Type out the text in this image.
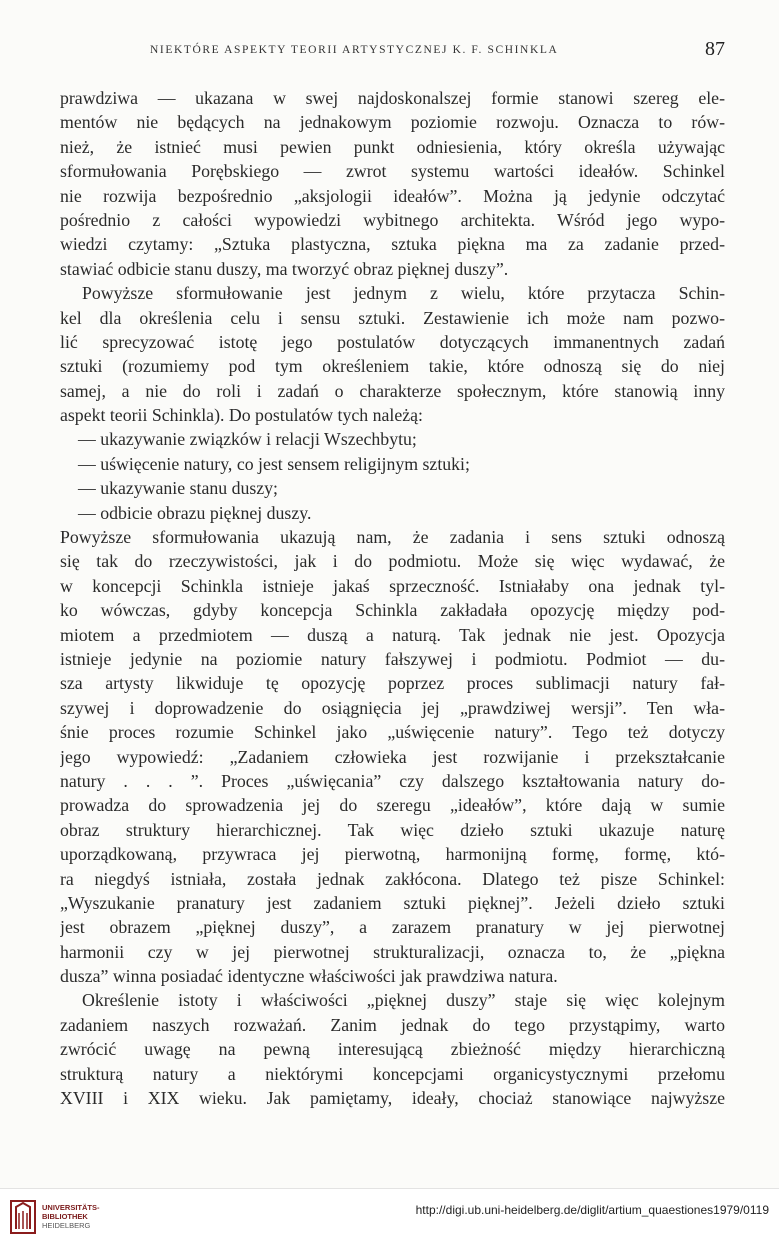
NIEKTÓRE ASPEKTY TEORII ARTYSTYCZNEJ K. F. SCHINKLA	87
prawdziwa — ukazana w swej najdoskonalszej formie stanowi szereg ele-
mentów nie będących na jednakowym poziomie rozwoju. Oznacza to rów-
nież, że istnieć musi pewien punkt odniesienia, który określa używając
sformułowania Porębskiego — zwrot systemu wartości ideałów. Schinkel
nie rozwija bezpośrednio „aksjologii ideałów”. Można ją jedynie odczytać
pośrednio z całości wypowiedzi wybitnego architekta. Wśród jego wypo-
wiedzi czytamy: „Sztuka plastyczna, sztuka piękna ma za zadanie przed-
stawiać odbicie stanu duszy, ma tworzyć obraz pięknej duszy”.
Powyższe sformułowanie jest jednym z wielu, które przytacza Schin-
kel dla określenia celu i sensu sztuki. Zestawienie ich może nam pozwo-
lić sprecyzować istotę jego postulatów dotyczących immanentnych zadań
sztuki (rozumiemy pod tym określeniem takie, które odnoszą się do niej
samej, a nie do roli i zadań o charakterze społecznym, które stanowią inny
aspekt teorii Schinkla). Do postulatów tych należą:
— ukazywanie związków i relacji Wszechbytu;
— uświęcenie natury, co jest sensem religijnym sztuki;
— ukazywanie stanu duszy;
— odbicie obrazu pięknej duszy.
Powyższe sformułowania ukazują nam, że zadania i sens sztuki odnoszą
się tak do rzeczywistości, jak i do podmiotu. Może się więc wydawać, że
w koncepcji Schinkla istnieje jakaś sprzeczność. Istniałaby ona jednak tyl-
ko wówczas, gdyby koncepcja Schinkla zakładała opozycję między pod-
miotem a przedmiotem — duszą a naturą. Tak jednak nie jest. Opozycja
istnieje jedynie na poziomie natury fałszywej i podmiotu. Podmiot — du-
sza artysty likwiduje tę opozycję poprzez proces sublimacji natury fał-
szywej i doprowadzenie do osiągnięcia jej „prawdziwej wersji”. Ten wła-
śnie proces rozumie Schinkel jako „uświęcenie natury”. Tego też dotyczy
jego wypowiedź: „Zadaniem człowieka jest rozwijanie i przekształcanie
natury . . . ”. Proces „uświęcania” czy dalszego kształtowania natury do-
prowadza do sprowadzenia jej do szeregu „ideałów”, które dają w sumie
obraz struktury hierarchicznej. Tak więc dzieło sztuki ukazuje naturę
uporządkowaną, przywraca jej pierwotną, harmonijną formę, formę, któ-
ra niegdyś istniała, została jednak zakłócona. Dlatego też pisze Schinkel:
„Wyszukanie pranatury jest zadaniem sztuki pięknej”. Jeżeli dzieło sztuki
jest obrazem „pięknej duszy”, a zarazem pranatury w jej pierwotnej
harmonii czy w jej pierwotnej strukturalizacji, oznacza to, że „piękna
dusza” winna posiadać identyczne właściwości jak prawdziwa natura.
Określenie istoty i właściwości „pięknej duszy” staje się więc kolejnym
zadaniem naszych rozważań. Zanim jednak do tego przystąpimy, warto
zwrócić uwagę na pewną interesującą zbieżność między hierarchiczną
strukturą natury a niektórymi koncepcjami organicystycznymi przełomu
XVIII i XIX wieku. Jak pamiętamy, ideały, chociaż stanowiące najwyższe
UNIVERSITÄTS-
BIBLIOTHEK
HEIDELBERG
http://digi.ub.uni-heidelberg.de/diglit/artium_quaestiones1979/0119
